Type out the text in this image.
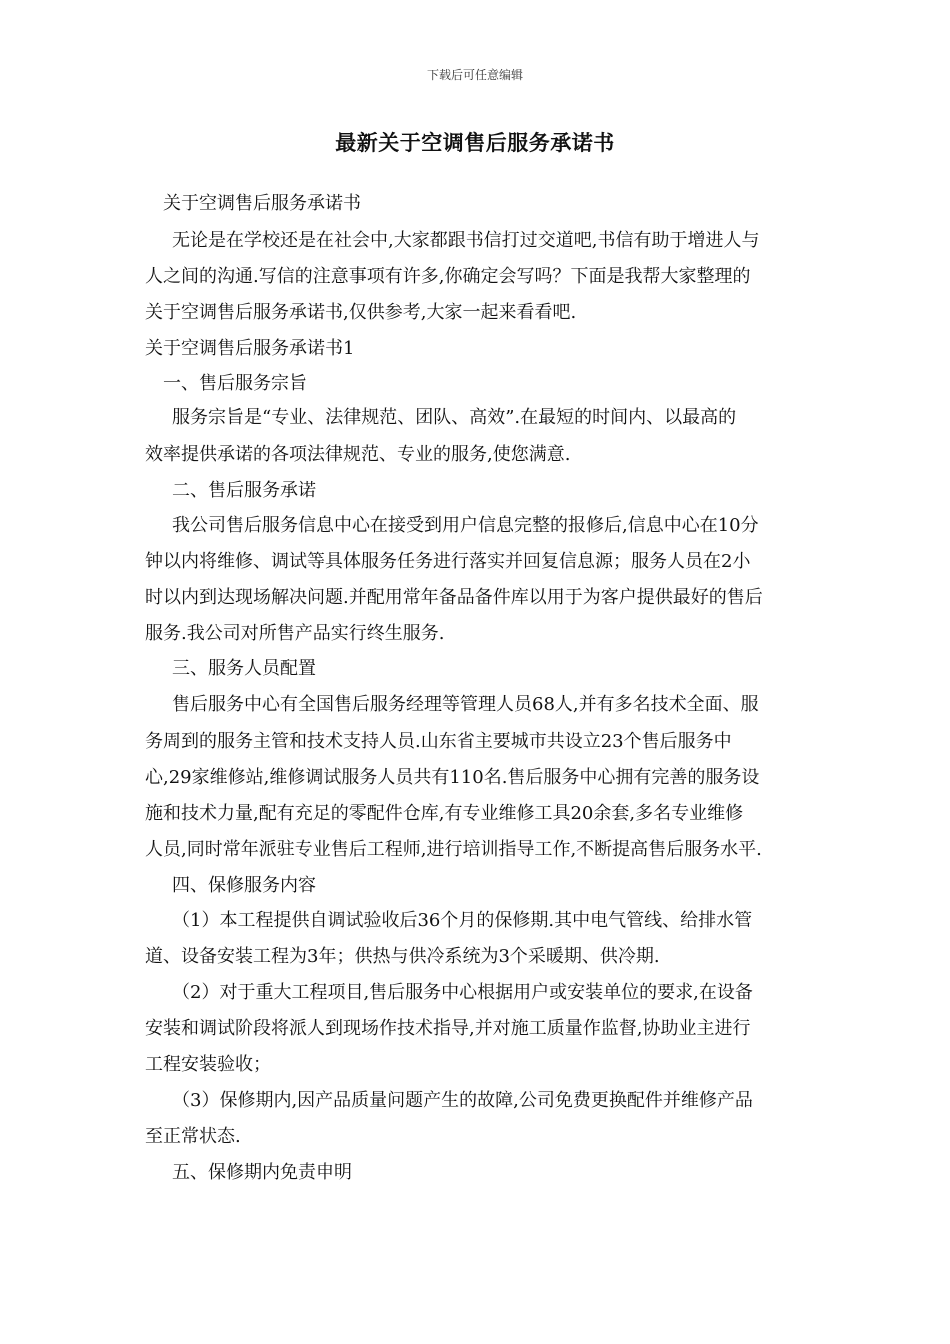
下载后可任意编辑
最新关于空调售后服务承诺书
关于空调售后服务承诺书
无论是在学校还是在社会中,大家都跟书信打过交道吧,书信有助于增进人与
人之间的沟通.写信的注意事项有许多,你确定会写吗？下面是我帮大家整理的
关于空调售后服务承诺书,仅供参考,大家一起来看看吧.
关于空调售后服务承诺书1
一、售后服务宗旨
服务宗旨是“专业、法律规范、团队、高效”.在最短的时间内、以最高的
效率提供承诺的各项法律规范、专业的服务,使您满意.
二、售后服务承诺
我公司售后服务信息中心在接受到用户信息完整的报修后,信息中心在10分
钟以内将维修、调试等具体服务任务进行落实并回复信息源；服务人员在2小
时以内到达现场解决问题.并配用常年备品备件库以用于为客户提供最好的售后
服务.我公司对所售产品实行终生服务.
三、服务人员配置
售后服务中心有全国售后服务经理等管理人员68人,并有多名技术全面、服
务周到的服务主管和技术支持人员.山东省主要城市共设立23个售后服务中
心,29家维修站,维修调试服务人员共有110名.售后服务中心拥有完善的服务设
施和技术力量,配有充足的零配件仓库,有专业维修工具20余套,多名专业维修
人员,同时常年派驻专业售后工程师,进行培训指导工作,不断提高售后服务水平.
四、保修服务内容
（1）本工程提供自调试验收后36个月的保修期.其中电气管线、给排水管
道、设备安装工程为3年；供热与供冷系统为3个采暖期、供冷期.
（2）对于重大工程项目,售后服务中心根据用户或安装单位的要求,在设备
安装和调试阶段将派人到现场作技术指导,并对施工质量作监督,协助业主进行
工程安装验收；
（3）保修期内,因产品质量问题产生的故障,公司免费更换配件并维修产品
至正常状态.
五、保修期内免责申明
